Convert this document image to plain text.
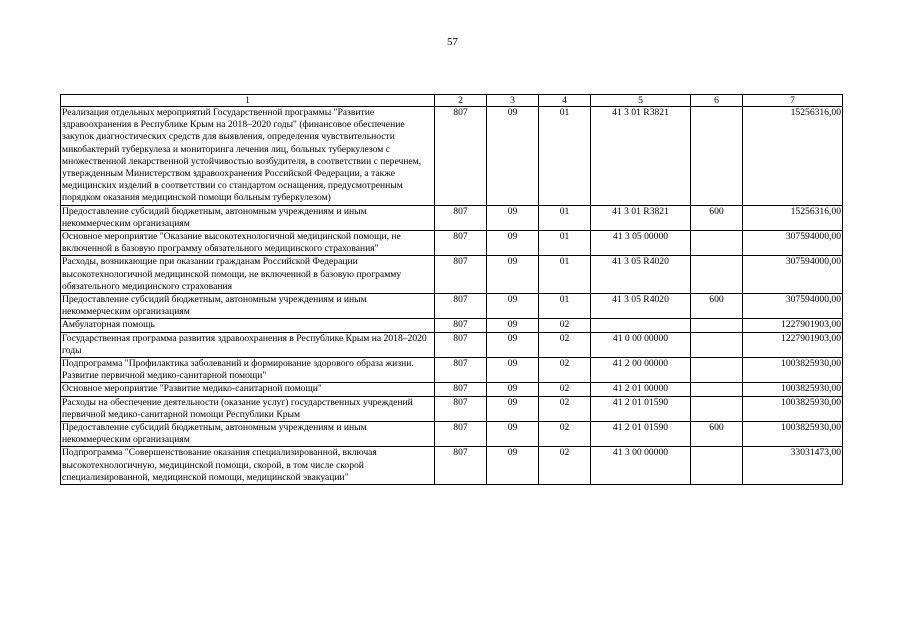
57
1	2	3	4	5	6	7
Реализация отдельных мероприятий Государственной программы "Развитие здравоохранения в Республике Крым на 2018–2020 годы" (финансовое обеспечение закупок диагностических средств для выявления, определения чувствительности микобактерий туберкулеза и мониторинга лечения лиц, больных туберкулезом с множественной лекарственной устойчивостью возбудителя, в соответствии с перечнем, утвержденным Министерством здравоохранения Российской Федерации, а также медицинских изделий в соответствии со стандартом оснащения, предусмотренным порядком оказания медицинской помощи больным туберкулезом)	807	09	01	41 3 01 R3821		15256316,00
Предоставление субсидий бюджетным, автономным учреждениям и иным некоммерческим организациям	807	09	01	41 3 01 R3821	600	15256316,00
Основное мероприятие "Оказание высокотехнологичной медицинской помощи, не включенной в базовую программу обязательного медицинского страхования"	807	09	01	41 3 05 00000		307594000,00
Расходы, возникающие при оказании гражданам Российской Федерации высокотехнологичной медицинской помощи, не включенной в базовую программу обязательного медицинского страхования	807	09	01	41 3 05 R4020		307594000,00
Предоставление субсидий бюджетным, автономным учреждениям и иным некоммерческим организациям	807	09	01	41 3 05 R4020	600	307594000,00
Амбулаторная помощь	807	09	02			1227901903,00
Государственная программа развития здравоохранения в Республике Крым на 2018–2020 годы	807	09	02	41 0 00 00000		1227901903,00
Подпрограмма "Профилактика заболеваний и формирование здорового образа жизни. Развитие первичной медико-санитарной помощи"	807	09	02	41 2 00 00000		1003825930,00
Основное мероприятие "Развитие медико-санитарной помощи"	807	09	02	41 2 01 00000		1003825930,00
Расходы на обеспечение деятельности (оказание услуг) государственных учреждений первичной медико-санитарной помощи Республики Крым	807	09	02	41 2 01 01590		1003825930,00
Предоставление субсидий бюджетным, автономным учреждениям и иным некоммерческим организациям	807	09	02	41 2 01 01590	600	1003825930,00
Подпрограмма "Совершенствование оказания специализированной, включая высокотехнологичную, медицинской помощи, скорой, в том числе скорой специализированной, медицинской помощи, медицинской эвакуации"	807	09	02	41 3 00 00000		33031473,00
